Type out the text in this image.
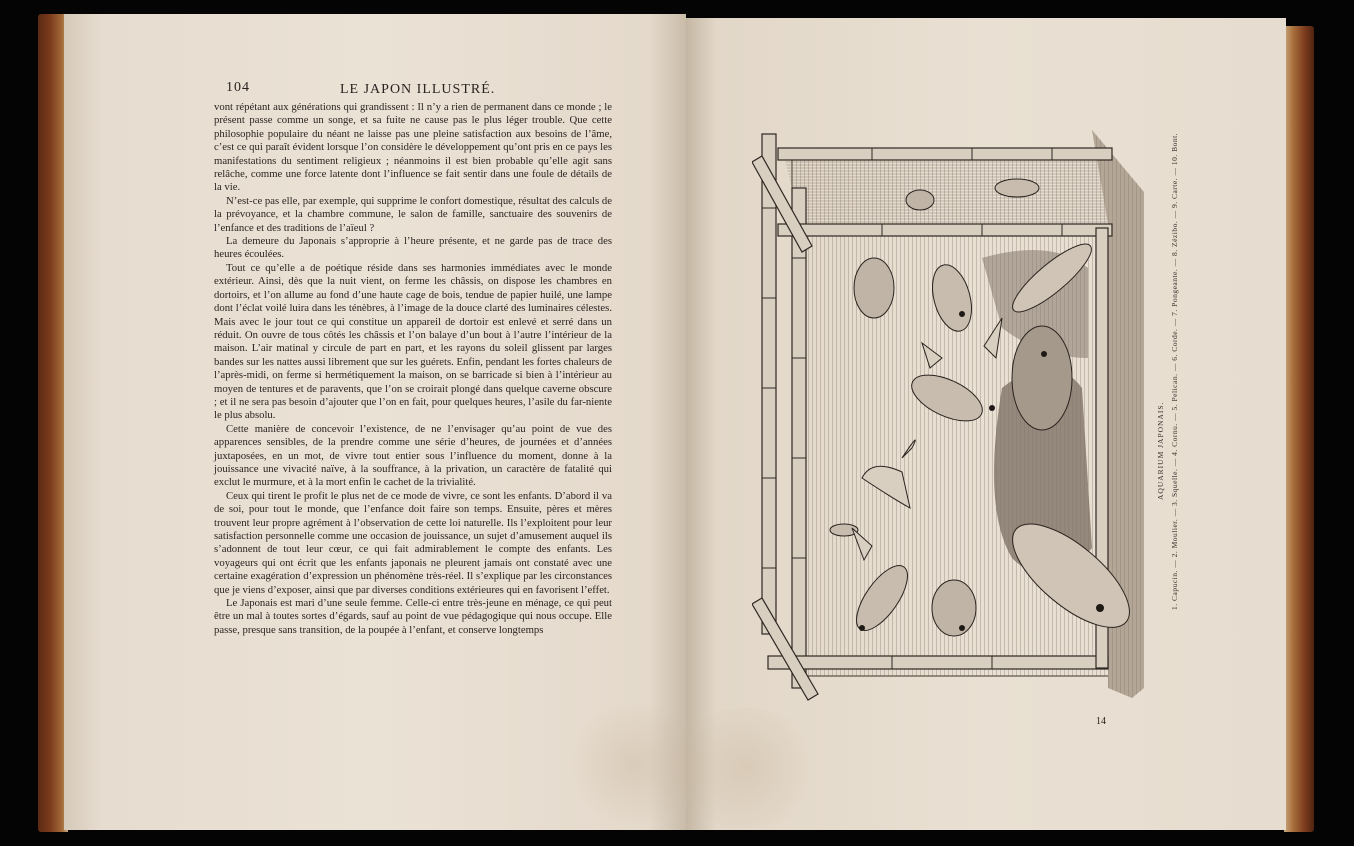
104	LE JAPON ILLUSTRÉ.

vont répétant aux générations qui grandissent : Il n’y a rien de permanent dans ce monde ; le présent passe comme un songe, et sa fuite ne cause pas le plus léger trouble. Que cette philosophie populaire du néant ne laisse pas une pleine satisfaction aux besoins de l’âme, c’est ce qui paraît évident lorsque l’on considère le développement qu’ont pris en ce pays les manifestations du sentiment religieux ; néanmoins il est bien probable qu’elle agit sans relâche, comme une force latente dont l’influence se fait sentir dans une foule de détails de la vie.

N’est-ce pas elle, par exemple, qui supprime le confort domestique, résultat des calculs de la prévoyance, et la chambre commune, le salon de famille, sanctuaire des souvenirs de l’enfance et des traditions de l’aïeul ?

La demeure du Japonais s’approprie à l’heure présente, et ne garde pas de trace des heures écoulées.

Tout ce qu’elle a de poétique réside dans ses harmonies immédiates avec le monde extérieur. Ainsi, dès que la nuit vient, on ferme les châssis, on dispose les chambres en dortoirs, et l’on allume au fond d’une haute cage de bois, tendue de papier huilé, une lampe dont l’éclat voilé luira dans les ténèbres, à l’image de la douce clarté des luminaires célestes. Mais avec le jour tout ce qui constitue un appareil de dortoir est enlevé et serré dans un réduit. On ouvre de tous côtés les châssis et l’on balaye d’un bout à l’autre l’intérieur de la maison. L’air matinal y circule de part en part, et les rayons du soleil glissent par larges bandes sur les nattes aussi librement que sur les guérets. Enfin, pendant les fortes chaleurs de l’après-midi, on ferme si hermétiquement la maison, on se barricade si bien à l’intérieur au moyen de tentures et de paravents, que l’on se croirait plongé dans quelque caverne obscure ; et il ne sera pas besoin d’ajouter que l’on en fait, pour quelques heures, l’asile du far-niente le plus absolu.

Cette manière de concevoir l’existence, de ne l’envisager qu’au point de vue des apparences sensibles, de la prendre comme une série d’heures, de journées et d’années juxtaposées, en un mot, de vivre tout entier sous l’influence du moment, donne à la jouissance une vivacité naïve, à la souffrance, à la privation, un caractère de fatalité qui exclut le murmure, et à la mort enfin le cachet de la trivialité.

Ceux qui tirent le profit le plus net de ce mode de vivre, ce sont les enfants. D’abord il va de soi, pour tout le monde, que l’enfance doit faire son temps. Ensuite, pères et mères trouvent leur propre agrément à l’observation de cette loi naturelle. Ils l’exploitent pour leur satisfaction personnelle comme une occasion de jouissance, un sujet d’amusement auquel ils s’adonnent de tout leur cœur, ce qui fait admirablement le compte des enfants. Les voyageurs qui ont écrit que les enfants japonais ne pleurent jamais ont constaté avec une certaine exagération d’expression un phénomène très-réel. Il s’explique par les circonstances que je viens d’exposer, ainsi que par diverses conditions extérieures qui en favorisent l’effet.

Le Japonais est mari d’une seule femme. Celle-ci entre très-jeune en ménage, ce qui peut être un mal à toutes sortes d’égards, sauf au point de vue pédagogique qui nous occupe. Elle passe, presque sans transition, de la poupée à l’enfant, et conserve longtemps

AQUARIUM JAPONAIS. 1. Capucin. — 2. Moulier. — 3. Squelle. — 4. Cornu. — 5. Pelican. — 6. Corde. — 7. Pongeante. — 8. Zézibo. — 9. Carte. — 10. Bont.
14
